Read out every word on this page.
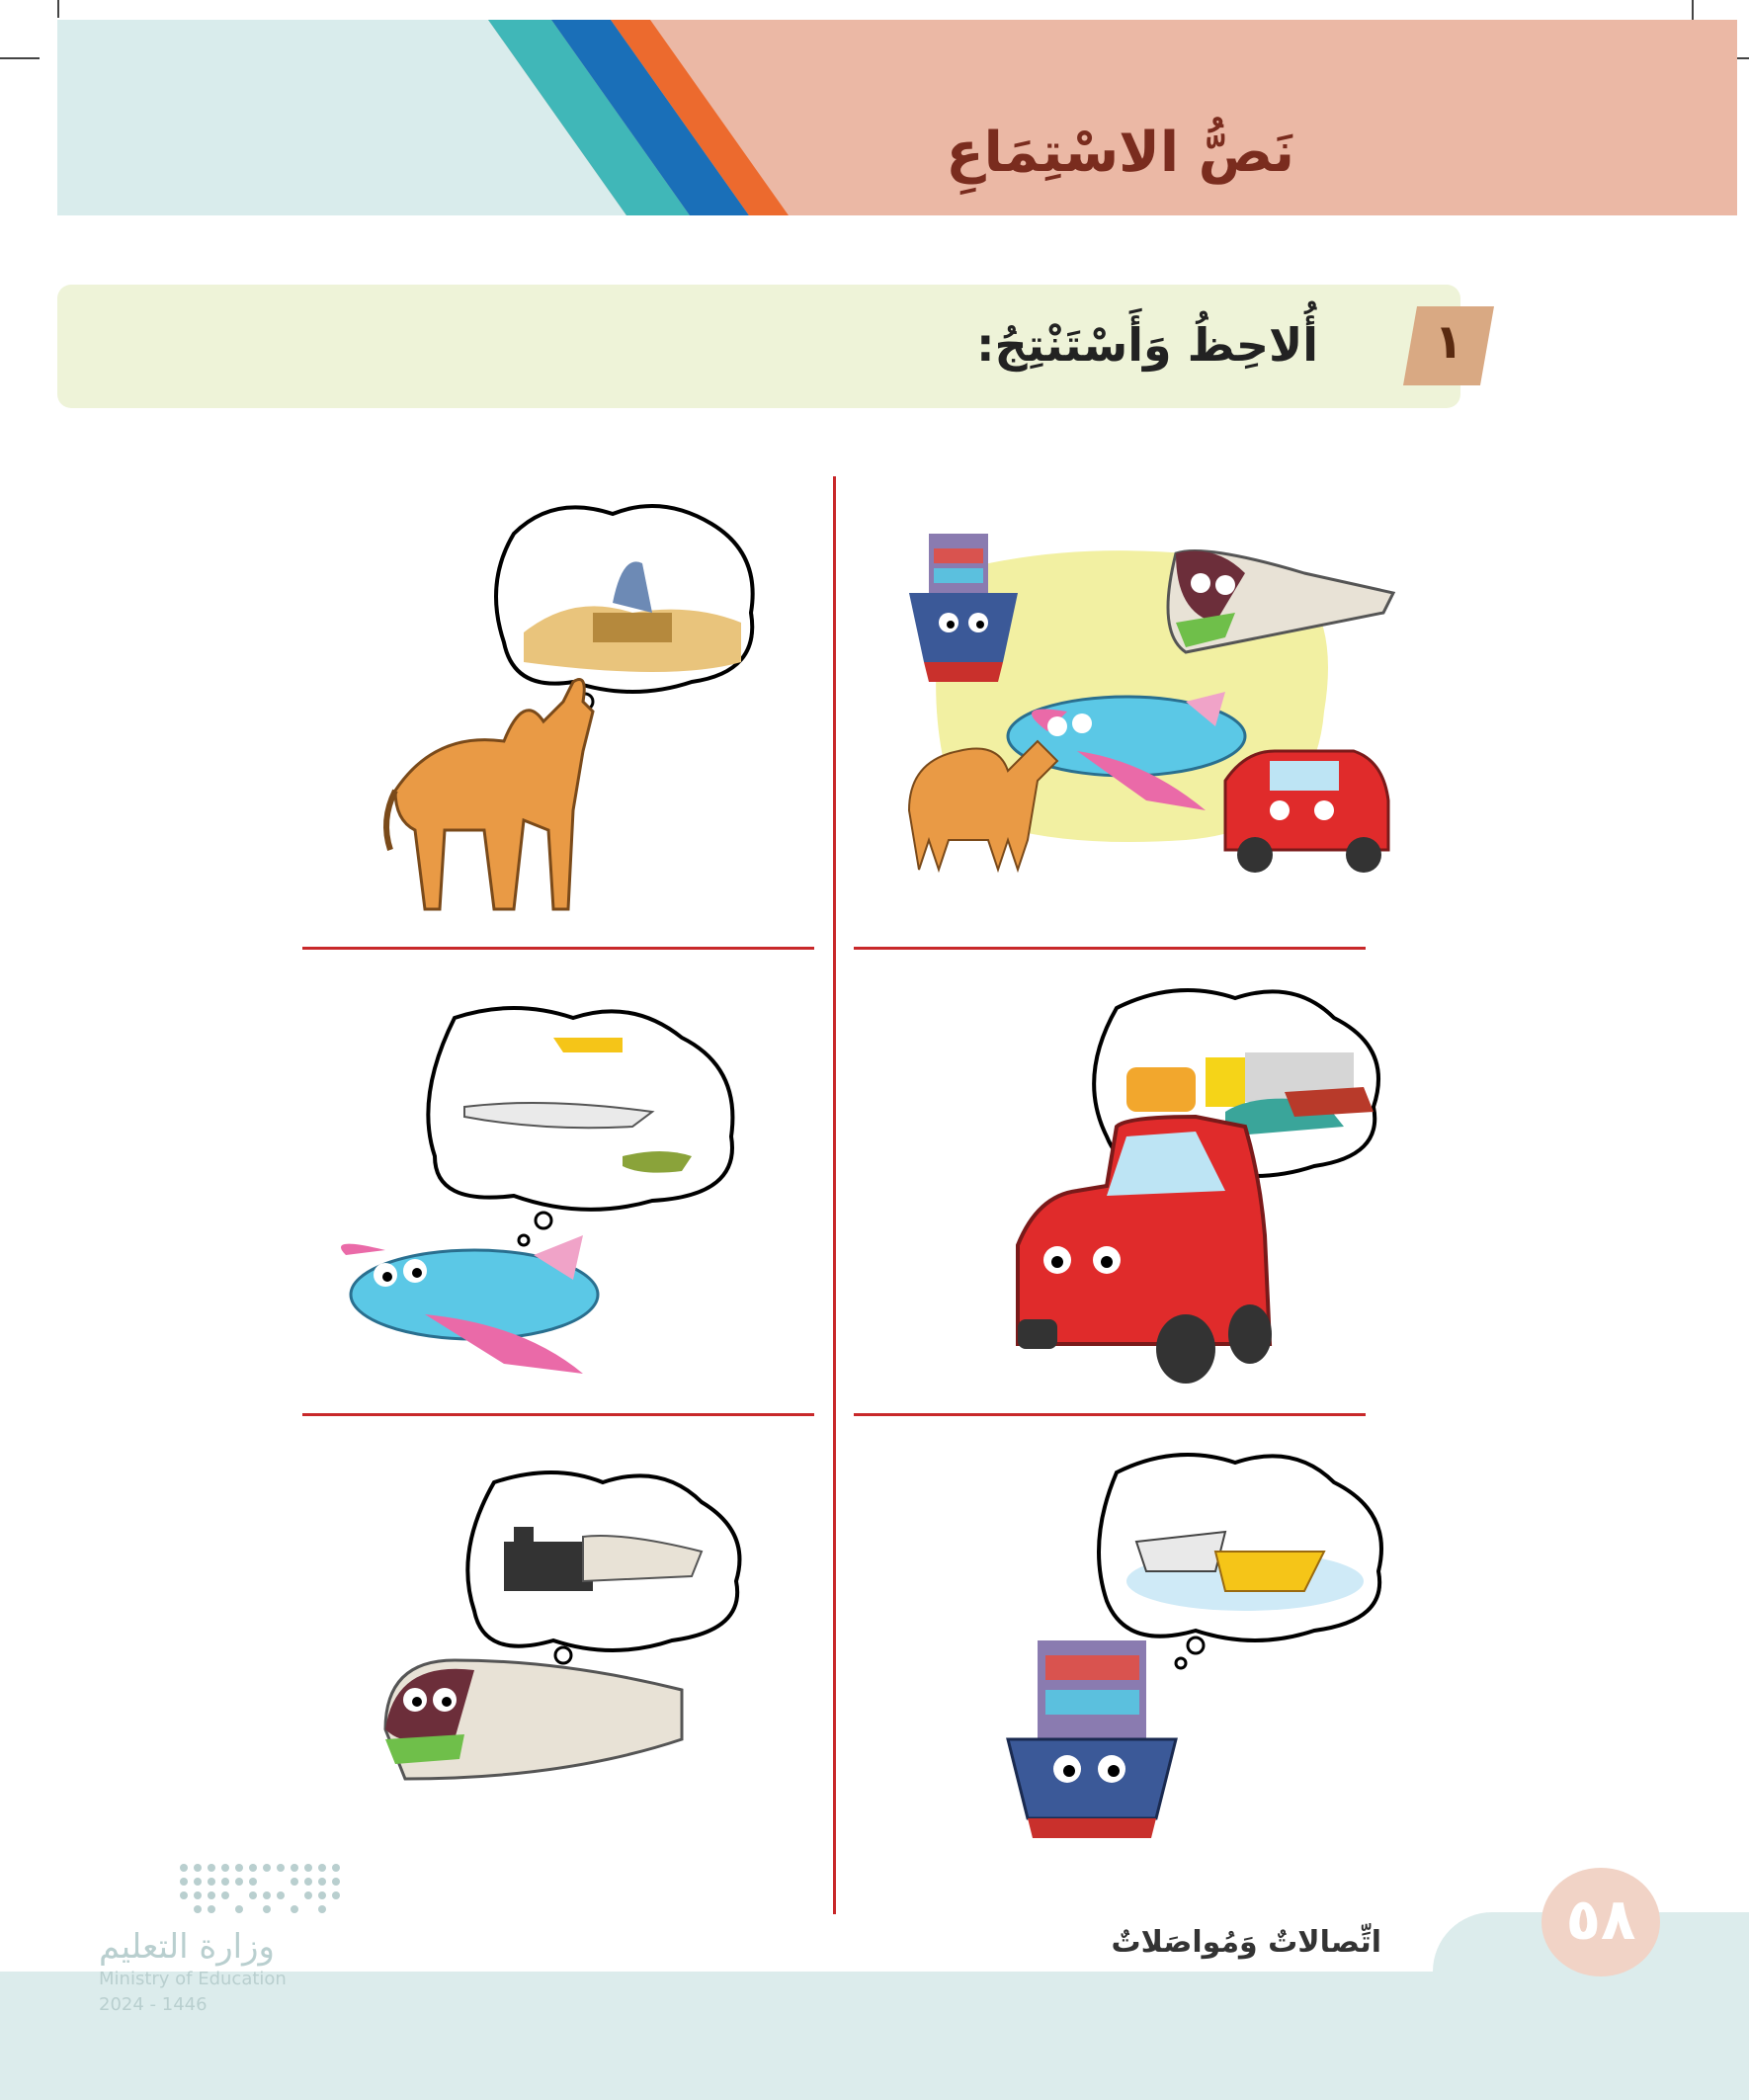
نَصُّ الاسْتِمَاعِ
١
أُلاحِظُ وَأَسْتَنْتِجُ:
٥٨
اتِّصالاتٌ وَمُواصَلاتٌ
وزارة التعليم
Ministry of Education
2024 - 1446
